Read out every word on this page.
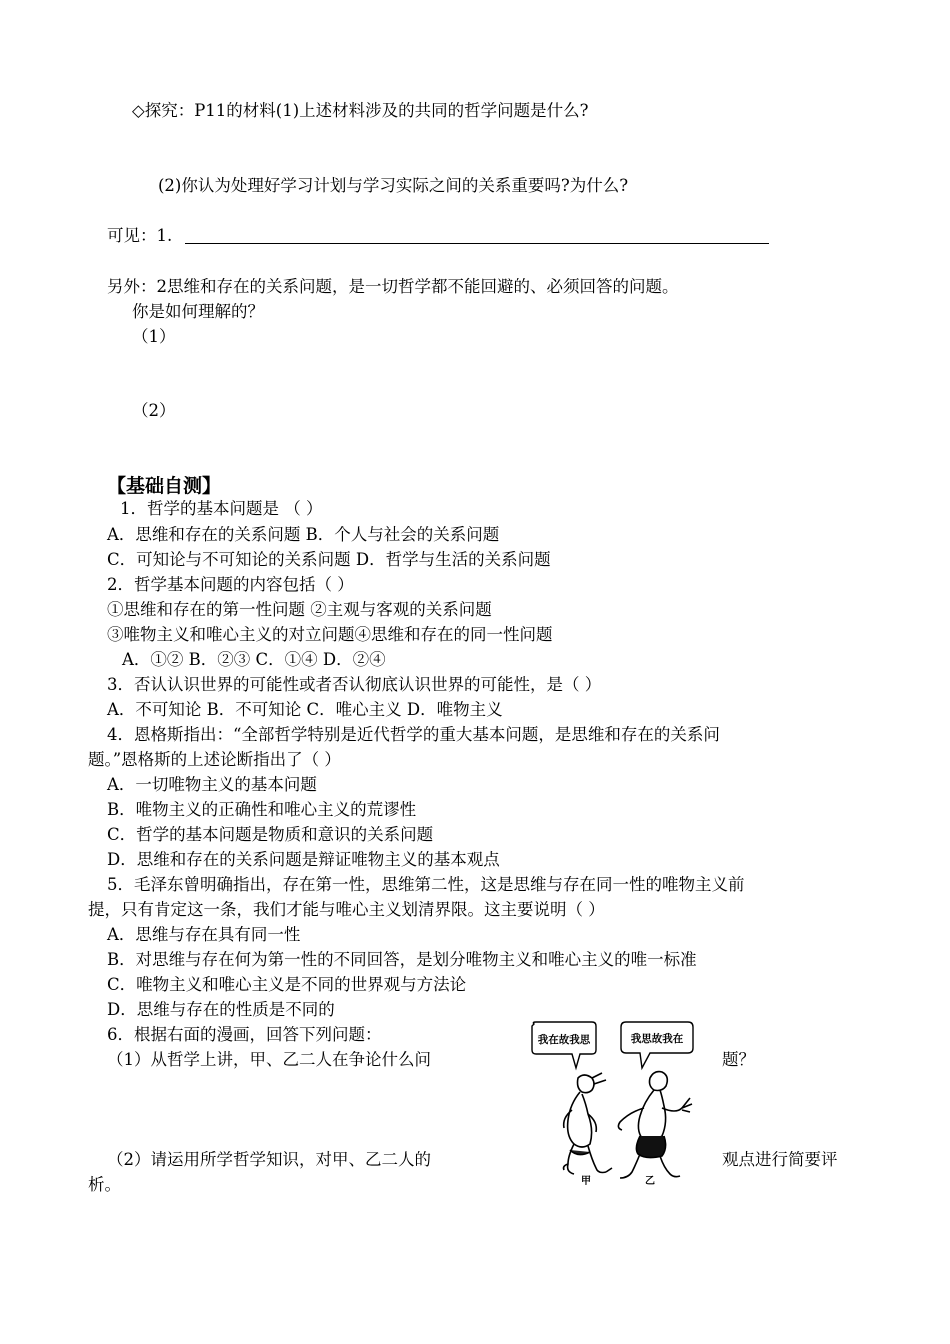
◇探究：P11的材料(1)上述材料涉及的共同的哲学问题是什么?
(2)你认为处理好学习计划与学习实际之间的关系重要吗?为什么?
可见：1.
另外：2思维和存在的关系问题，是一切哲学都不能回避的、必须回答的问题。
你是如何理解的？
（1）
（2）
【基础自测】
1．哲学的基本问题是 （ ）
A．思维和存在的关系问题 B．个人与社会的关系问题
C．可知论与不可知论的关系问题 D．哲学与生活的关系问题
2．哲学基本问题的内容包括（ ）
①思维和存在的第一性问题 ②主观与客观的关系问题
③唯物主义和唯心主义的对立问题④思维和存在的同一性问题
A．①② B．②③ C．①④ D．②④
3．否认认识世界的可能性或者否认彻底认识世界的可能性，是（ ）
A．不可知论 B．不可知论 C．唯心主义 D．唯物主义
4．恩格斯指出：“全部哲学特别是近代哲学的重大基本问题，是思维和存在的关系问
题。”恩格斯的上述论断指出了（ ）
A．一切唯物主义的基本问题
B．唯物主义的正确性和唯心主义的荒谬性
C．哲学的基本问题是物质和意识的关系问题
D．思维和存在的关系问题是辩证唯物主义的基本观点
5．毛泽东曾明确指出，存在第一性，思维第二性，这是思维与存在同一性的唯物主义前
提，只有肯定这一条，我们才能与唯心主义划清界限。这主要说明（ ）
A．思维与存在具有同一性
B．对思维与存在何为第一性的不同回答，是划分唯物主义和唯心主义的唯一标准
C．唯物主义和唯心主义是不同的世界观与方法论
D．思维与存在的性质是不同的
6．根据右面的漫画，回答下列问题：
（1）从哲学上讲，甲、乙二人在争论什么问	题？
（2）请运用所学哲学知识，对甲、乙二人的	观点进行简要评
析。
我在故我思	我思故我在
甲	乙
